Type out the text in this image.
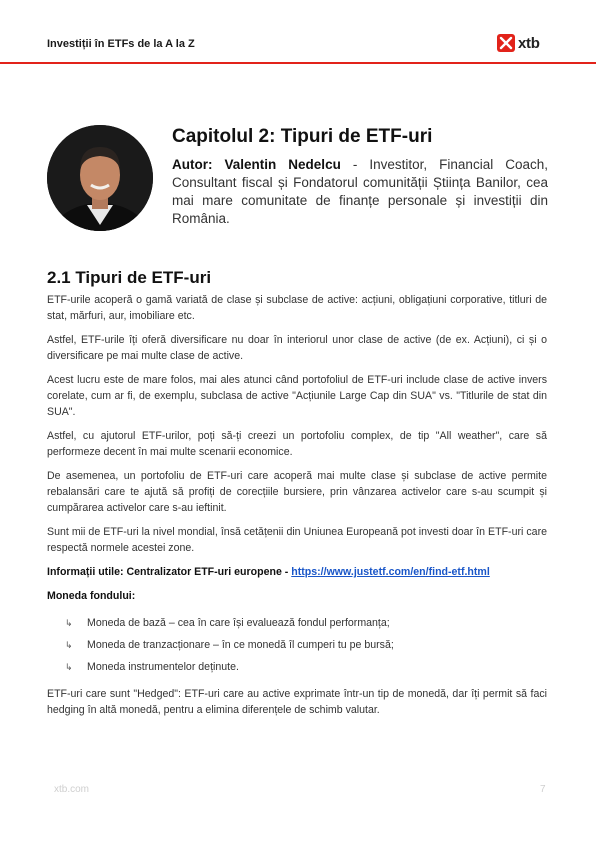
Investiții în ETFs de la A la Z	xtb
Capitolul 2: Tipuri de ETF-uri

Autor: Valentin Nedelcu - Investitor, Financial Coach, Consultant fiscal și Fondatorul comunității Știința Banilor, cea mai mare comunitate de finanțe personale și investiții din România.

2.1 Tipuri de ETF-uri

ETF-urile acoperă o gamă variată de clase și subclase de active: acțiuni, obligațiuni corporative, titluri de stat, mărfuri, aur, imobiliare etc.

Astfel, ETF-urile îți oferă diversificare nu doar în interiorul unor clase de active (de ex. Acțiuni), ci și o diversificare pe mai multe clase de active.

Acest lucru este de mare folos, mai ales atunci când portofoliul de ETF-uri include clase de active invers corelate, cum ar fi, de exemplu, subclasa de active "Acțiunile Large Cap din SUA" vs. "Titlurile de stat din SUA".

Astfel, cu ajutorul ETF-urilor, poți să-ți creezi un portofoliu complex, de tip "All weather", care să performeze decent în mai multe scenarii economice.

De asemenea, un portofoliu de ETF-uri care acoperă mai multe clase și subclase de active permite rebalansări care te ajută să profiți de corecțiile bursiere, prin vânzarea activelor care s-au scumpit și cumpărarea activelor care s-au ieftinit.

Sunt mii de ETF-uri la nivel mondial, însă cetățenii din Uniunea Europeană pot investi doar în ETF-uri care respectă normele acestei zone.

Informații utile: Centralizator ETF-uri europene - https://www.justetf.com/en/find-etf.html

Moneda fondului:

↳ Moneda de bază – cea în care își evaluează fondul performanța;
↳ Moneda de tranzacționare – în ce monedă îl cumperi tu pe bursă;
↳ Moneda instrumentelor deținute.

ETF-uri care sunt "Hedged": ETF-uri care au active exprimate într-un tip de monedă, dar îți permit să faci hedging în altă monedă, pentru a elimina diferențele de schimb valutar.

xtb.com	7
